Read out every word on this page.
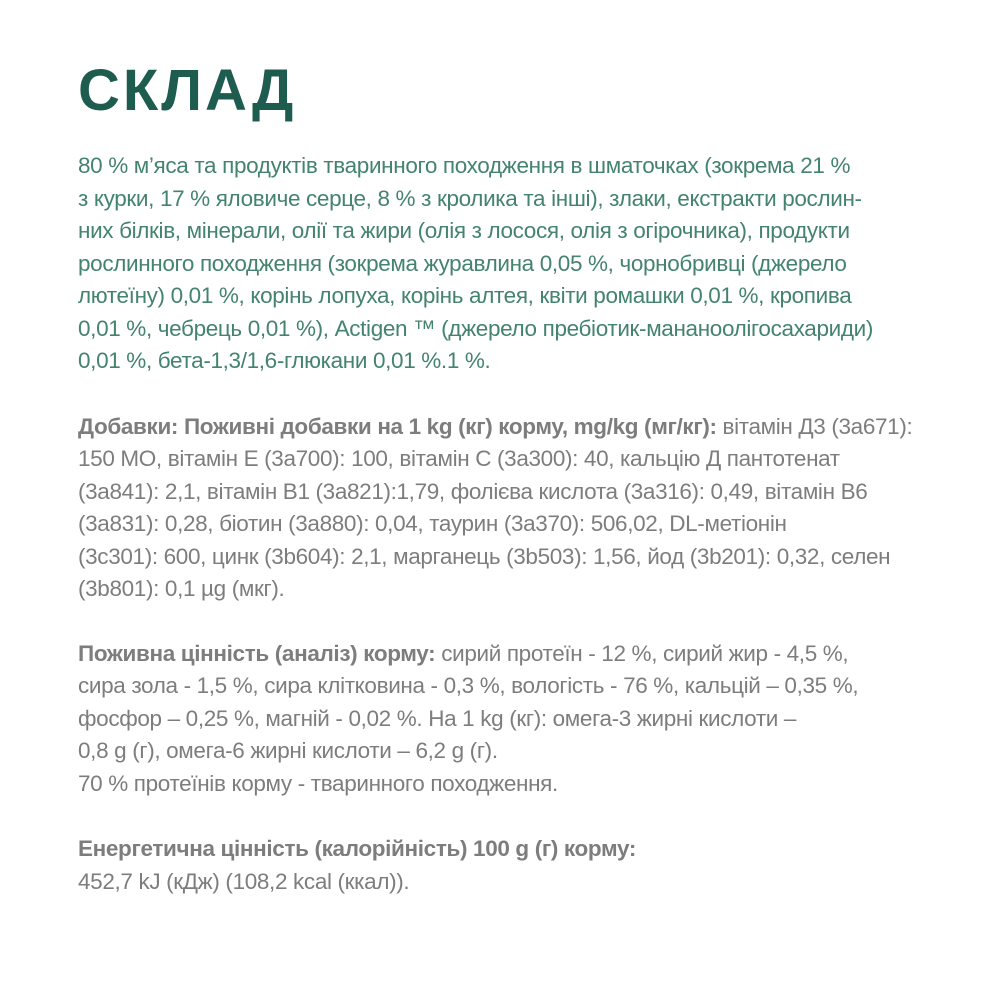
СКЛАД

80 % м’яса та продуктів тваринного походження в шматочках (зокрема 21 %
з курки, 17 % яловиче серце, 8 % з кролика та інші), злаки, екстракти рослин-
них білків, мінерали, олії та жири (олія з лосося, олія з огірочника), продукти
рослинного походження (зокрема журавлина 0,05 %, чорнобривці (джерело
лютеїну) 0,01 %, корінь лопуха, корінь алтея, квіти ромашки 0,01 %, кропива
0,01 %, чебрець 0,01 %), Actigen ™ (джерело пребіотик-мананоолігосахариди)
0,01 %, бета-1,3/1,6-глюкани 0,01 %.1 %.

Добавки: Поживні добавки на 1 kg (кг) корму, mg/kg (мг/кг): вітамін Д3 (3a671):
150 МО, вітамін Е (3a700): 100, вітамін С (3a300): 40, кальцію Д пантотенат
(3a841): 2,1, вітамін В1 (3a821):1,79, фолієва кислота (3a316): 0,49, вітамін В6
(3a831): 0,28, біотин (3a880): 0,04, таурин (3a370): 506,02, DL-метіонін
(3c301): 600, цинк (3b604): 2,1, марганець (3b503): 1,56, йод (3b201): 0,32, селен
(3b801): 0,1 µg (мкг).

Поживна цінність (аналіз) корму: сирий протеїн - 12 %, сирий жир - 4,5 %,
сира зола - 1,5 %, сира клітковина - 0,3 %, вологість - 76 %, кальцій – 0,35 %,
фосфор – 0,25 %, магній - 0,02 %. На 1 kg (кг): омега-3 жирні кислоти –
0,8 g (г), омега-6 жирні кислоти – 6,2 g (г).
70 % протеїнів корму - тваринного походження.

Енергетична цінність (калорійність) 100 g (г) корму:
452,7 kJ (кДж) (108,2 kcal (ккал)).
